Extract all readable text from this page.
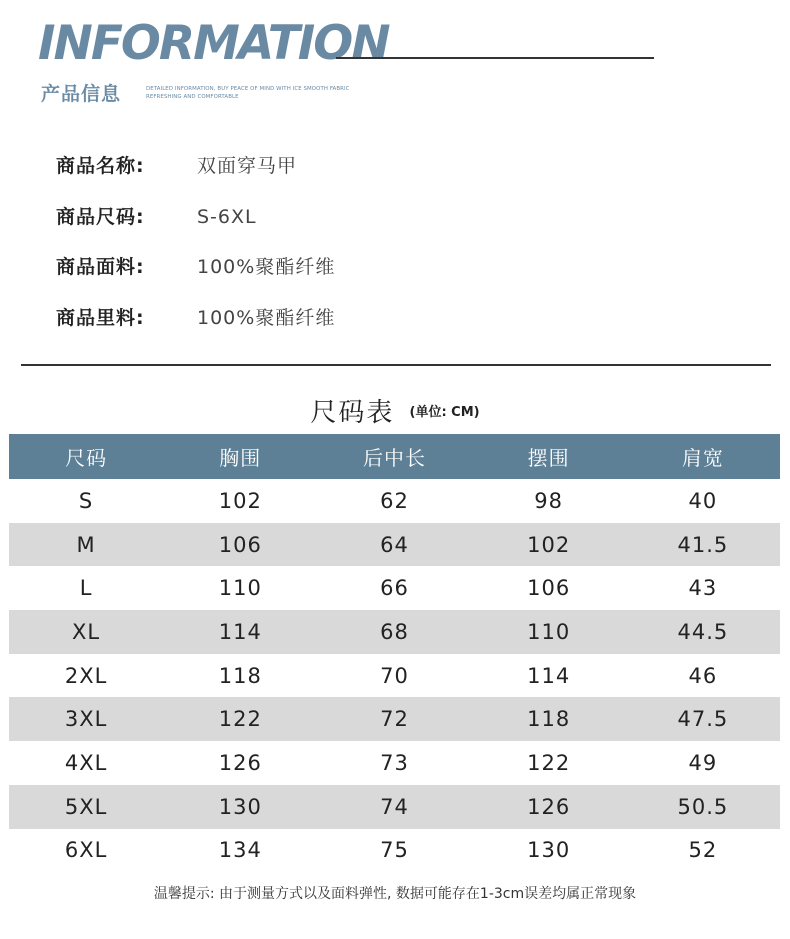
INFORMATION
产品信息	DETAILED INFORMATION, BUY PEACE OF MIND WITH ICE SMOOTH FABRIC
REFRESHING AND COMFORTABLE
商品名称:	双面穿马甲
商品尺码:	S-6XL
商品面料:	100%聚酯纤维
商品里料:	100%聚酯纤维
尺码表 (单位: CM)
尺码	胸围	后中长	摆围	肩宽
S	102	62	98	40
M	106	64	102	41.5
L	110	66	106	43
XL	114	68	110	44.5
2XL	118	70	114	46
3XL	122	72	118	47.5
4XL	126	73	122	49
5XL	130	74	126	50.5
6XL	134	75	130	52
温馨提示: 由于测量方式以及面料弹性, 数据可能存在1-3cm误差均属正常现象
